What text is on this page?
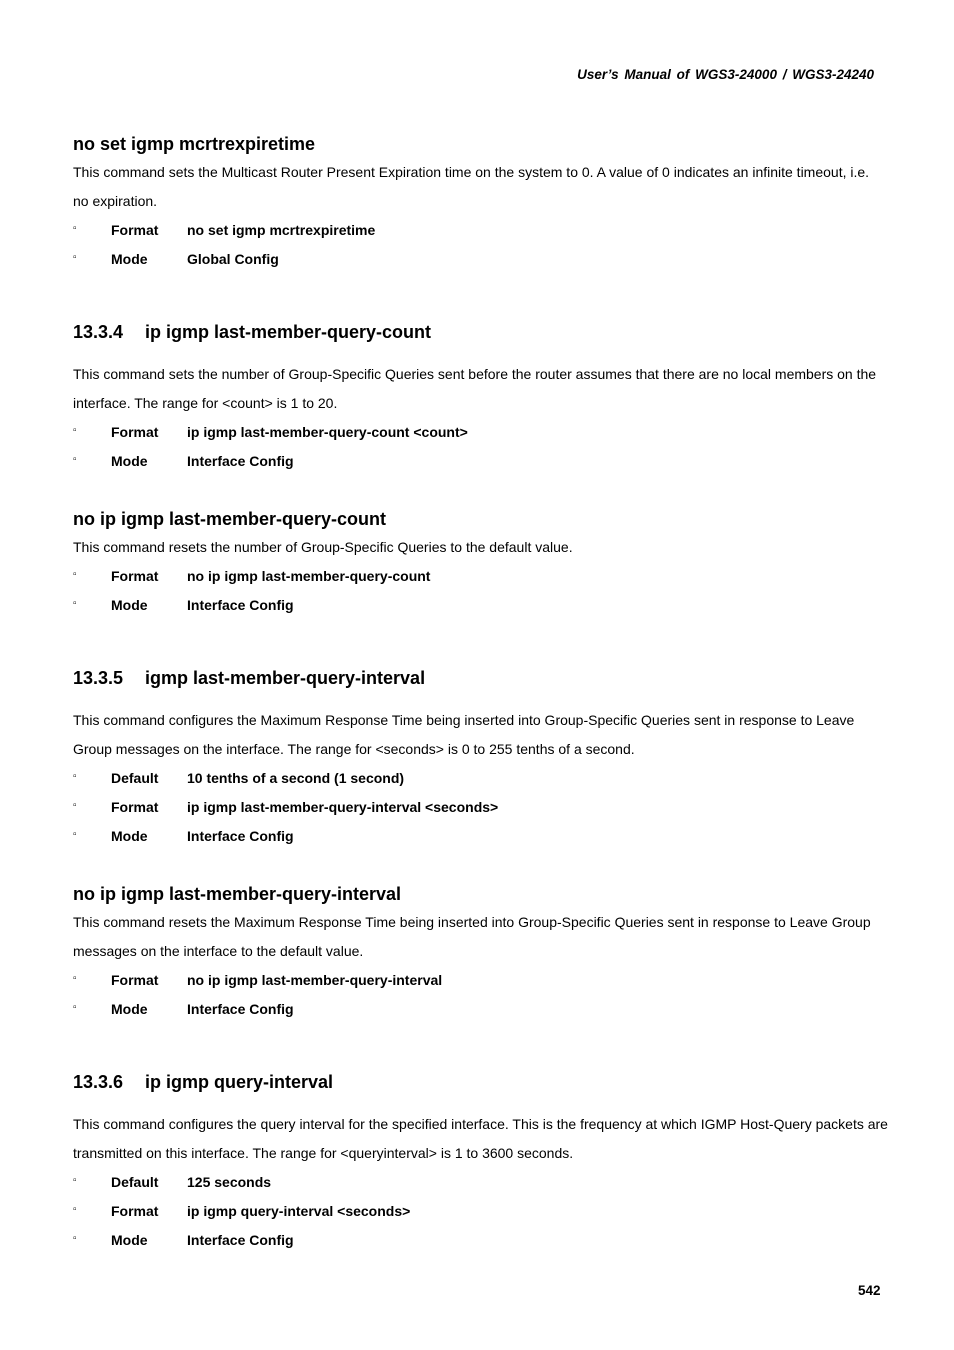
User’s Manual of WGS3-24000 / WGS3-24240
no set igmp mcrtrexpiretime
This command sets the Multicast Router Present Expiration time on the system to 0. A value of 0 indicates an infinite timeout, i.e. no expiration.
▫ Format no set igmp mcrtrexpiretime
▫ Mode	Global Config
13.3.4 ip igmp last-member-query-count
This command sets the number of Group-Specific Queries sent before the router assumes that there are no local members on the interface. The range for <count> is 1 to 20.
▫ Format ip igmp last-member-query-count <count>
▫ Mode	Interface Config
no ip igmp last-member-query-count
This command resets the number of Group-Specific Queries to the default value.
▫ Format no ip igmp last-member-query-count
▫ Mode	Interface Config
13.3.5 igmp last-member-query-interval
This command configures the Maximum Response Time being inserted into Group-Specific Queries sent in response to Leave Group messages on the interface. The range for <seconds> is 0 to 255 tenths of a second.
▫ Default 10 tenths of a second (1 second)
▫ Format ip igmp last-member-query-interval <seconds>
▫ Mode	Interface Config
no ip igmp last-member-query-interval
This command resets the Maximum Response Time being inserted into Group-Specific Queries sent in response to Leave Group messages on the interface to the default value.
▫ Format no ip igmp last-member-query-interval
▫ Mode	Interface Config
13.3.6 ip igmp query-interval
This command configures the query interval for the specified interface. This is the frequency at which IGMP Host-Query packets are transmitted on this interface. The range for <queryinterval> is 1 to 3600 seconds.
▫ Default 125 seconds
▫ Format ip igmp query-interval <seconds>
▫ Mode	Interface Config
542
